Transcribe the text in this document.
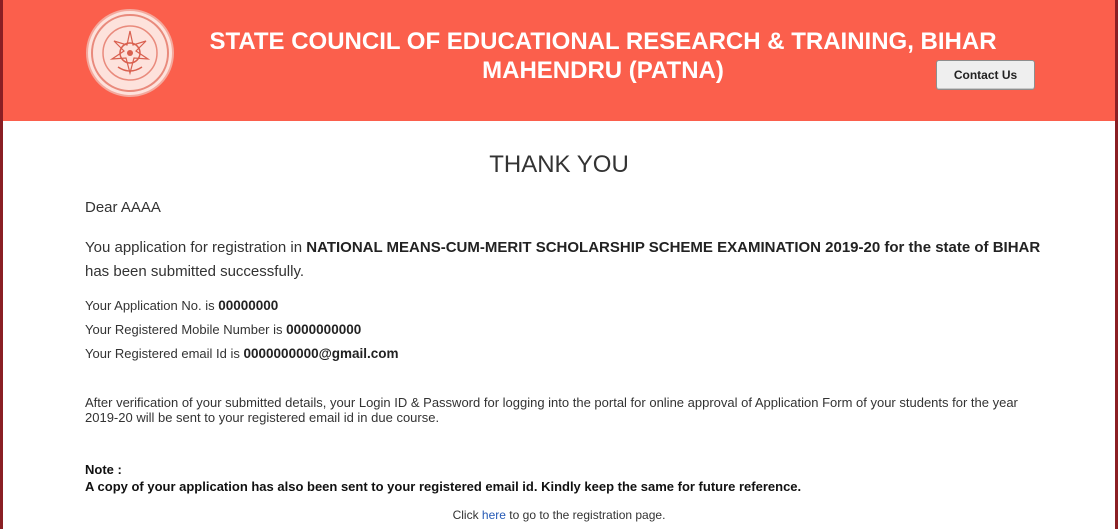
STATE COUNCIL OF EDUCATIONAL RESEARCH & TRAINING, BIHAR
MAHENDRU (PATNA)	Contact Us
THANK YOU
Dear AAAA
You application for registration in NATIONAL MEANS-CUM-MERIT SCHOLARSHIP SCHEME EXAMINATION 2019-20 for the state of BIHAR has been submitted successfully.
Your Application No. is 00000000
Your Registered Mobile Number is 0000000000
Your Registered email Id is 0000000000@gmail.com
After verification of your submitted details, your Login ID & Password for logging into the portal for online approval of Application Form of your students for the year 2019-20 will be sent to your registered email id in due course.
Note :
A copy of your application has also been sent to your registered email id. Kindly keep the same for future reference.
Click here to go to the registration page.
